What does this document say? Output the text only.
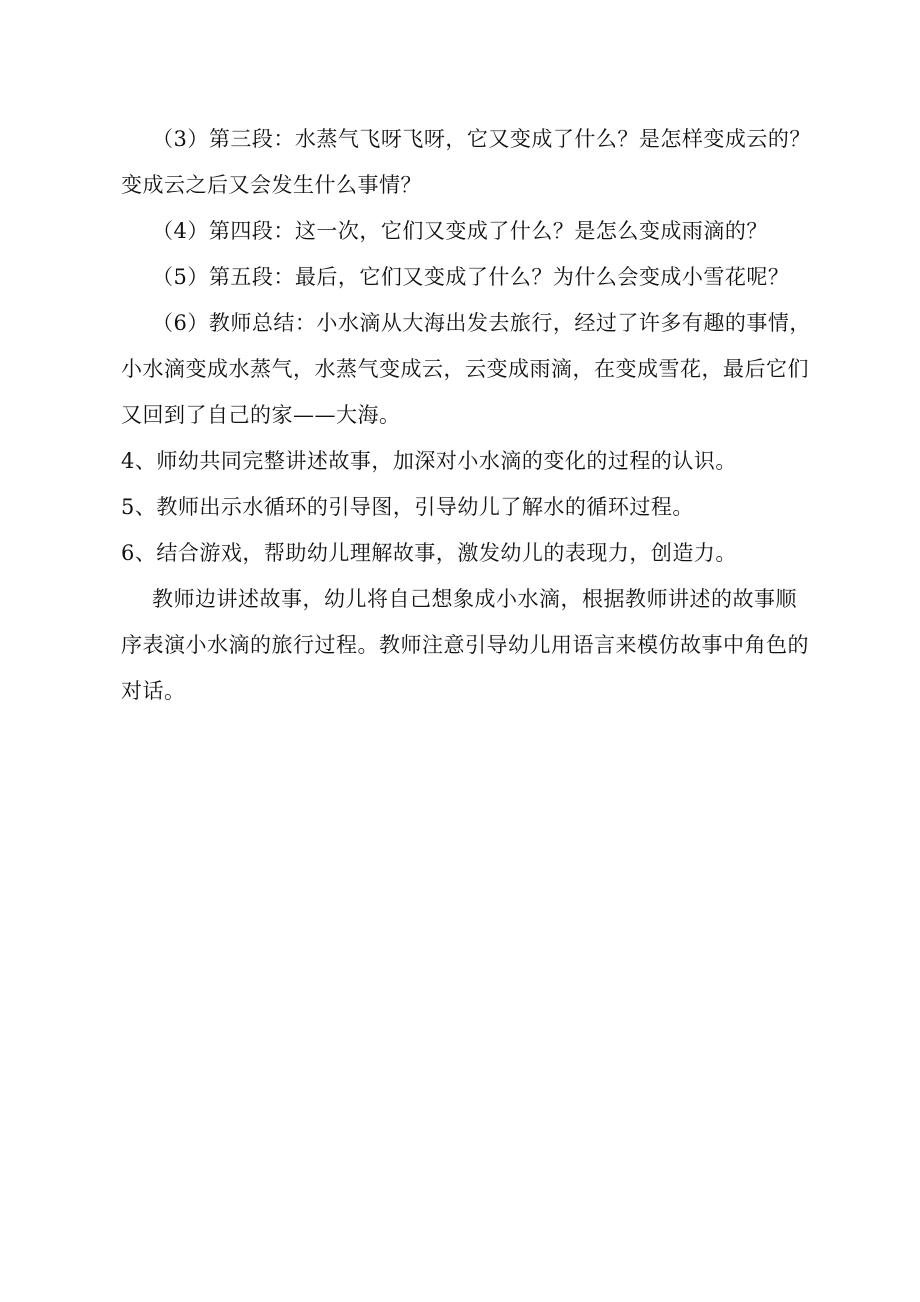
（3）第三段：水蒸气飞呀飞呀，它又变成了什么？是怎样变成云的？变成云之后又会发生什么事情？

（4）第四段：这一次，它们又变成了什么？是怎么变成雨滴的？

（5）第五段：最后，它们又变成了什么？为什么会变成小雪花呢？

（6）教师总结：小水滴从大海出发去旅行，经过了许多有趣的事情，小水滴变成水蒸气，水蒸气变成云，云变成雨滴，在变成雪花，最后它们又回到了自己的家——大海。

4、师幼共同完整讲述故事，加深对小水滴的变化的过程的认识。

5、教师出示水循环的引导图，引导幼儿了解水的循环过程。

6、结合游戏，帮助幼儿理解故事，激发幼儿的表现力，创造力。

教师边讲述故事，幼儿将自己想象成小水滴，根据教师讲述的故事顺序表演小水滴的旅行过程。教师注意引导幼儿用语言来模仿故事中角色的对话。
